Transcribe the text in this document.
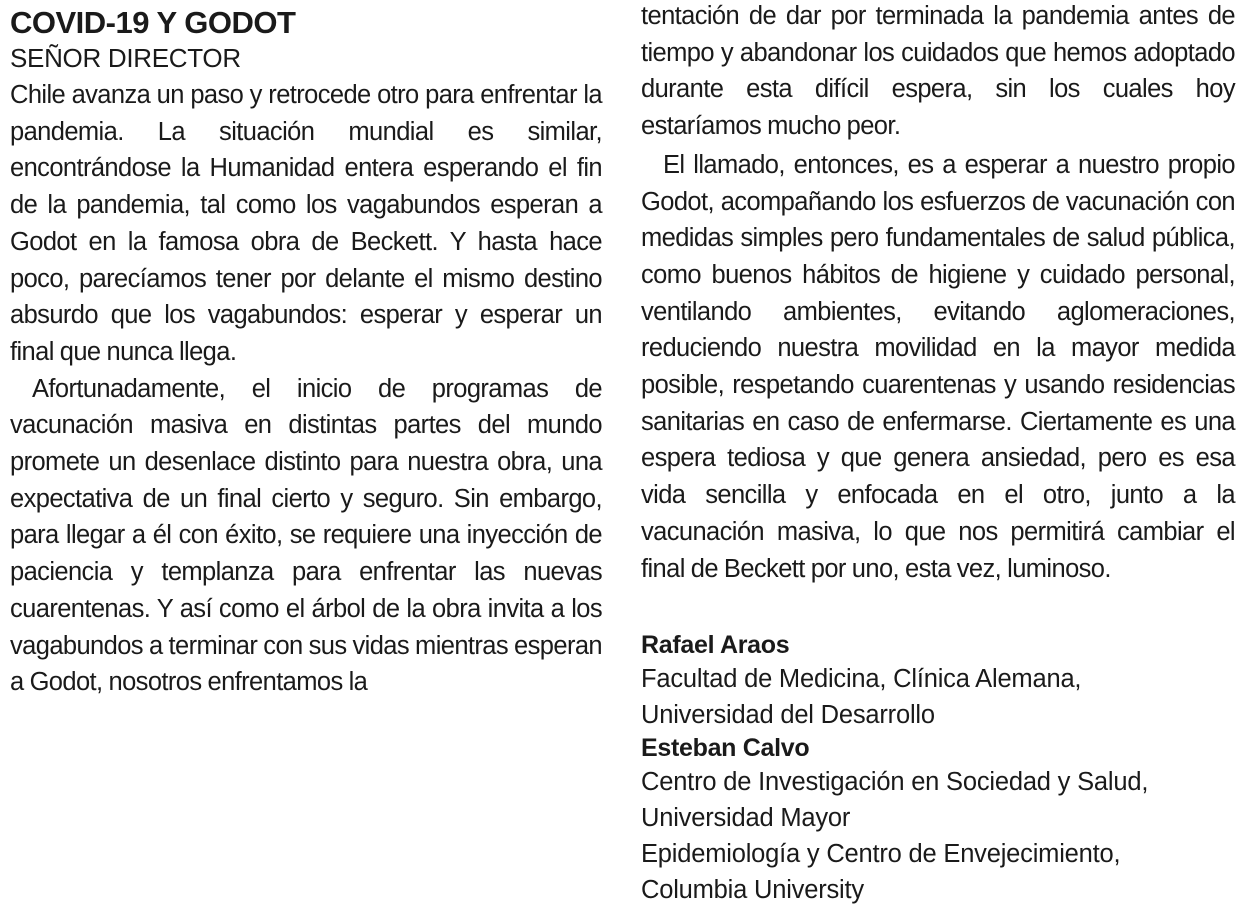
COVID-19 Y GODOT

SEÑOR DIRECTOR

Chile avanza un paso y retrocede otro para enfrentar la pandemia. La situación mundial es similar, encontrándose la Humanidad entera esperando el fin de la pandemia, tal como los vagabundos esperan a Godot en la famosa obra de Beckett. Y hasta hace poco, parecíamos tener por delante el mismo destino absurdo que los vagabundos: esperar y esperar un final que nunca llega.

Afortunadamente, el inicio de programas de vacunación masiva en distintas partes del mundo promete un desenlace distinto para nuestra obra, una expectativa de un final cierto y seguro. Sin embargo, para llegar a él con éxito, se requiere una inyección de paciencia y templanza para enfrentar las nuevas cuarentenas. Y así como el árbol de la obra invita a los vagabundos a terminar con sus vidas mientras esperan a Godot, nosotros enfrentamos la

tentación de dar por terminada la pandemia antes de tiempo y abandonar los cuidados que hemos adoptado durante esta difícil espera, sin los cuales hoy estaríamos mucho peor.

El llamado, entonces, es a esperar a nuestro propio Godot, acompañando los esfuerzos de vacunación con medidas simples pero fundamentales de salud pública, como buenos hábitos de higiene y cuidado personal, ventilando ambientes, evitando aglomeraciones, reduciendo nuestra movilidad en la mayor medida posible, respetando cuarentenas y usando residencias sanitarias en caso de enfermarse. Ciertamente es una espera tediosa y que genera ansiedad, pero es esa vida sencilla y enfocada en el otro, junto a la vacunación masiva, lo que nos permitirá cambiar el final de Beckett por uno, esta vez, luminoso.

Rafael Araos

Facultad de Medicina, Clínica Alemana,

Universidad del Desarrollo

Esteban Calvo

Centro de Investigación en Sociedad y Salud,

Universidad Mayor

Epidemiología y Centro de Envejecimiento,

Columbia University
